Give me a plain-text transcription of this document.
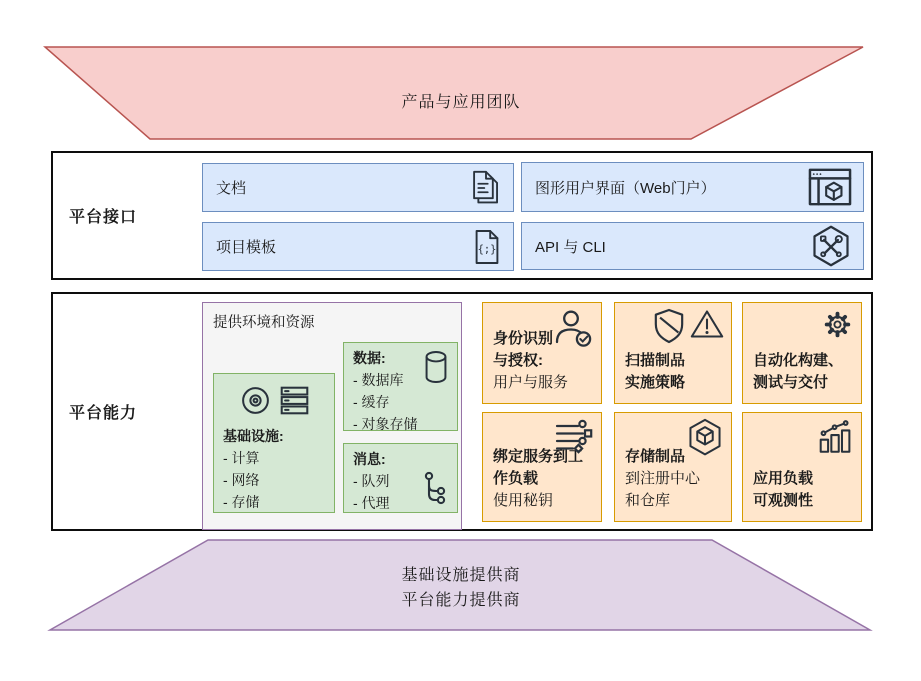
产品与应用团队
平台接口
文档
项目模板	{;}
图形用户界面（Web门户）
API 与 CLI
平台能力
提供环境和资源
基础设施:
- 计算
- 网络
- 存储
数据:
- 数据库
- 缓存
- 对象存储
消息:
- 队列
- 代理
身份识别
与授权:
用户与服务
扫描制品
实施策略
自动化构建、
测试与交付
绑定服务到工
作负载
使用秘钥
存储制品
到注册中心
和仓库
应用负载
可观测性
基础设施提供商
平台能力提供商
